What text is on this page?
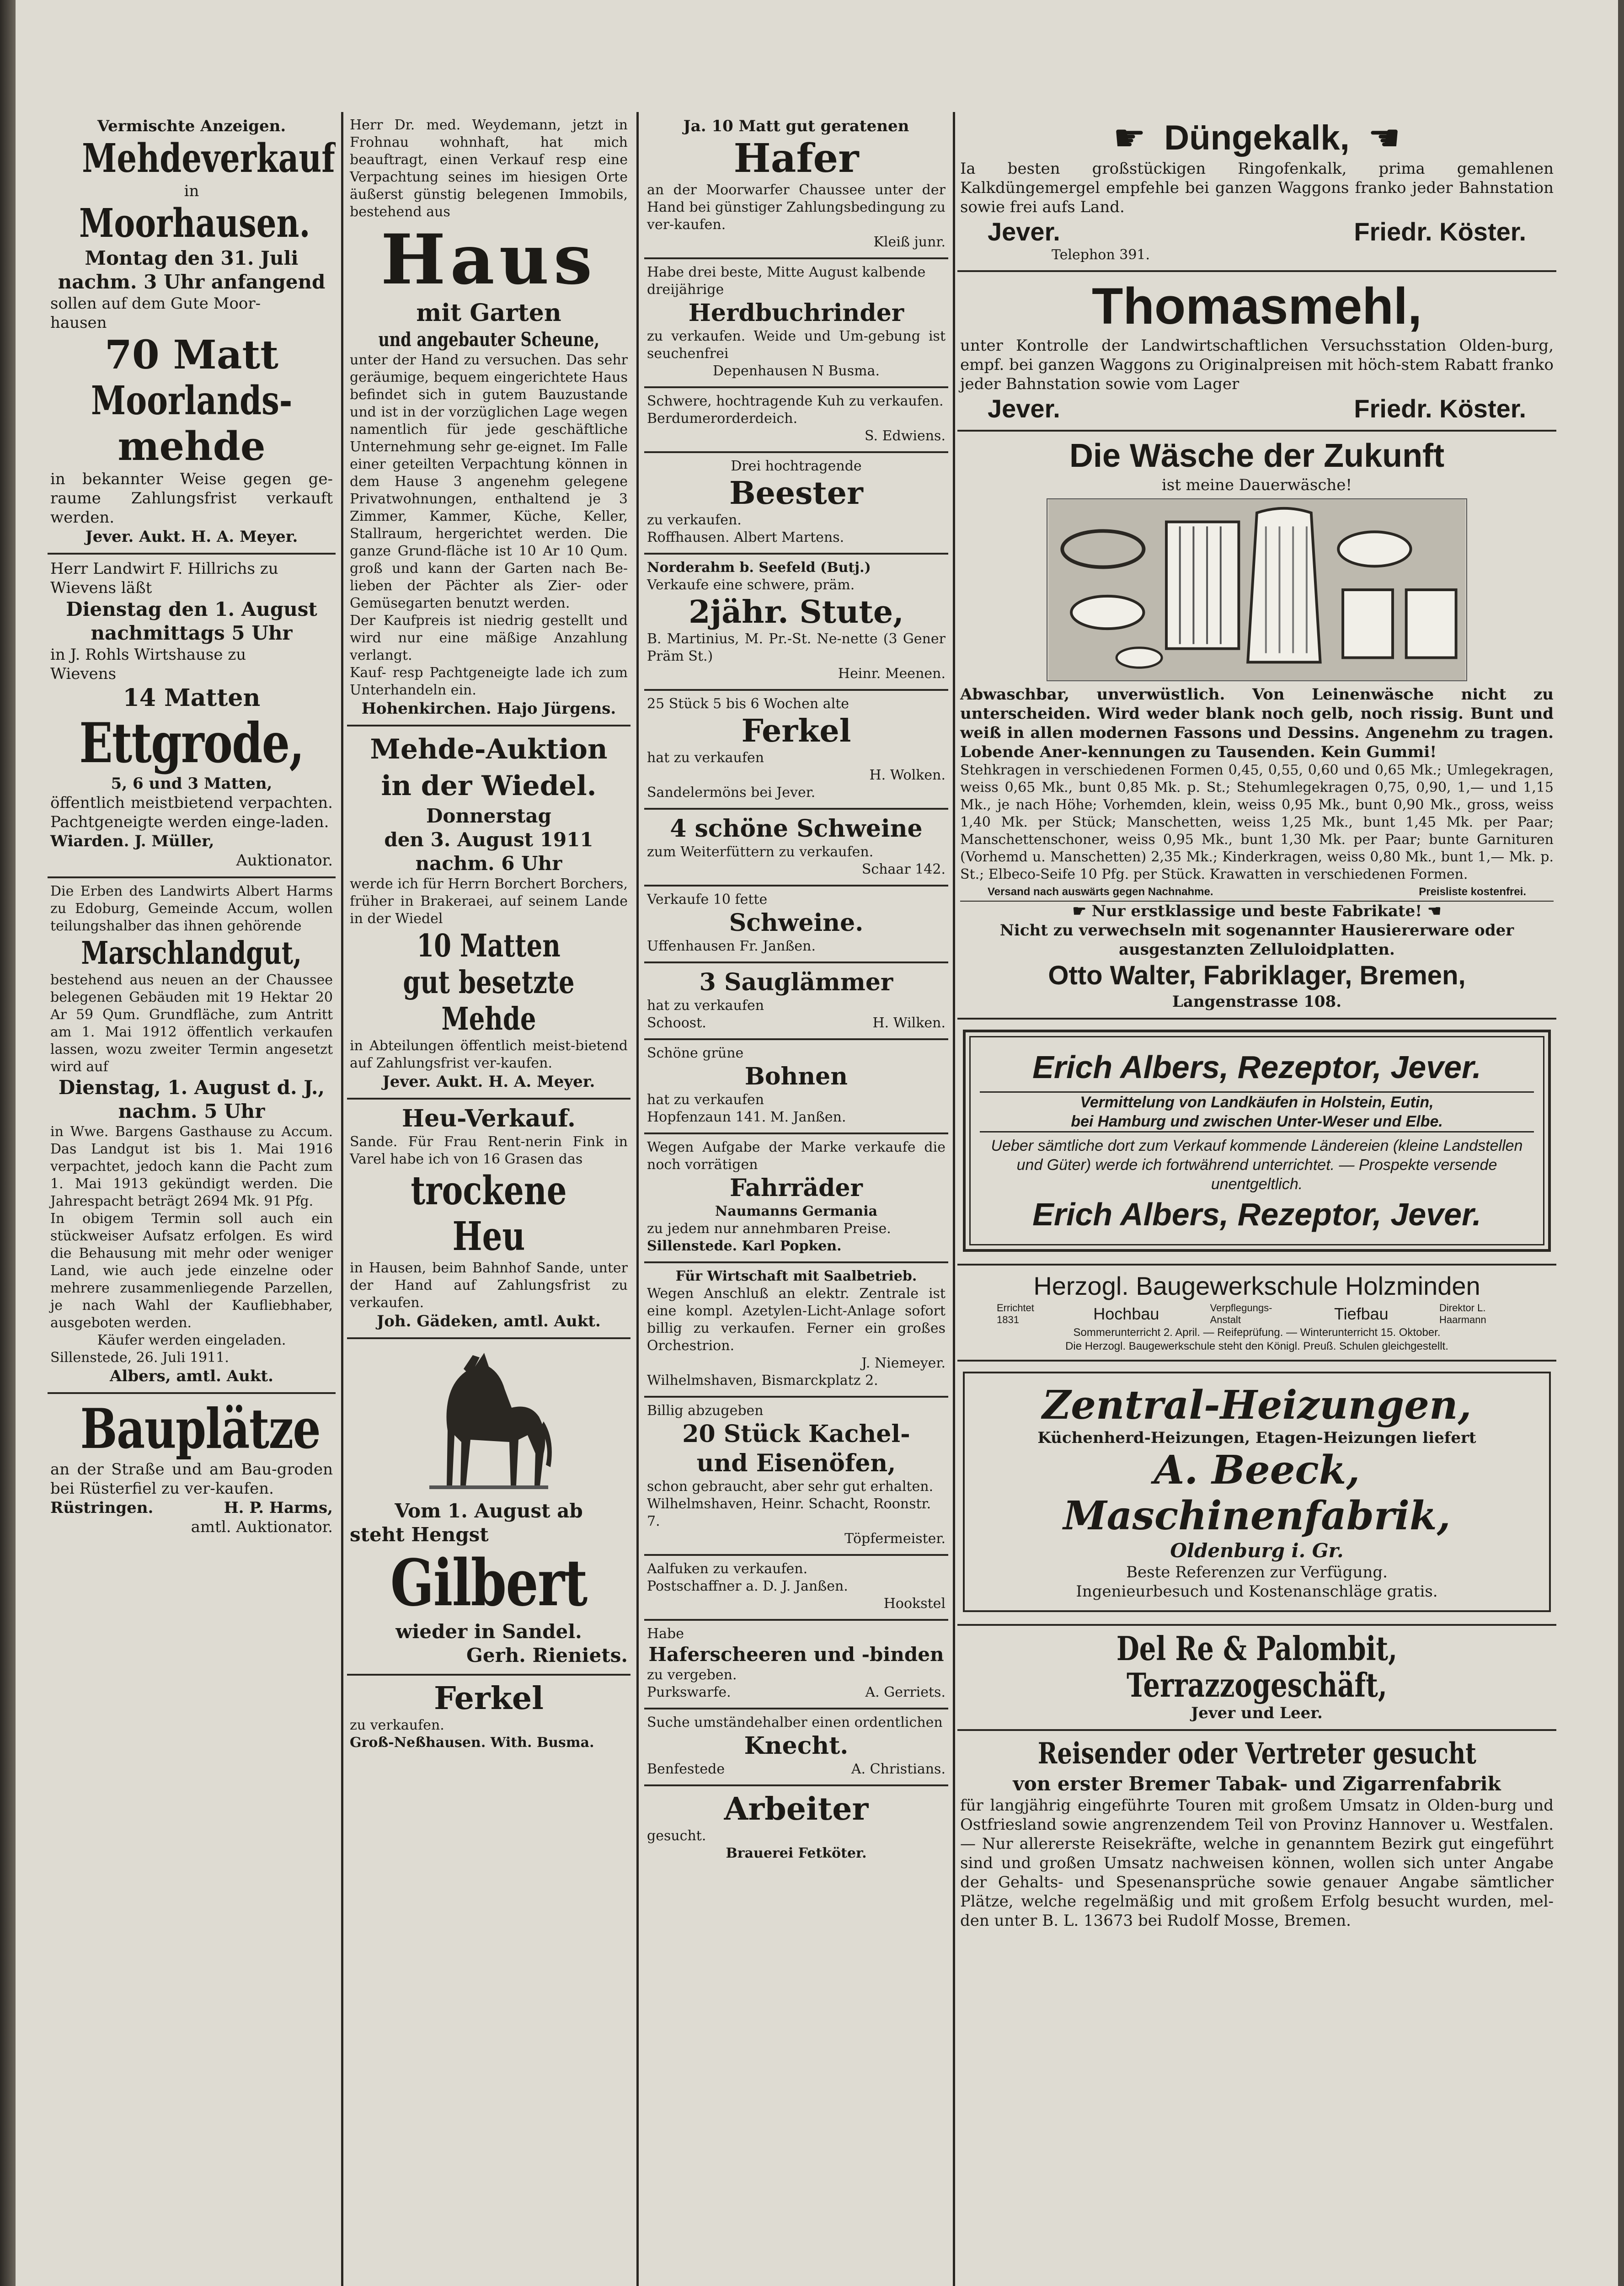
Vermischte Anzeigen.
Mehdeverkauf
in
Moorhausen.
Montag den 31. Juli
nachm. 3 Uhr anfangend
sollen auf dem Gute Moor-
hausen
70 Matt
Moorlands-
mehde
in bekannter Weise gegen ge-raume Zahlungsfrist verkauft werden.
Jever. Aukt. H. A. Meyer.
Herr Landwirt F. Hillrichs zu
Wievens läßt
Dienstag den 1. August
nachmittags 5 Uhr
in J. Rohls Wirtshause zu
Wievens
14 Matten
Ettgrode,
5, 6 und 3 Matten,
öffentlich meistbietend verpachten. Pachtgeneigte werden einge-laden.
Wiarden. J. Müller,
Auktionator.
Die Erben des Landwirts Albert Harms zu Edoburg, Gemeinde Accum, wollen teilungshalber das ihnen gehörende
Marschlandgut,
bestehend aus neuen an der Chaussee belegenen Gebäuden mit 19 Hektar 20 Ar 59 Qum. Grundfläche, zum Antritt am 1. Mai 1912 öffentlich verkaufen lassen, wozu zweiter Termin angesetzt wird auf
Dienstag, 1. August d. J.,
nachm. 5 Uhr
in Wwe. Bargens Gasthause zu Accum. Das Landgut ist bis 1. Mai 1916 verpachtet, jedoch kann die Pacht zum 1. Mai 1913 gekündigt werden. Die Jahrespacht beträgt 2694 Mk. 91 Pfg.
In obigem Termin soll auch ein stückweiser Aufsatz erfolgen. Es wird die Behausung mit mehr oder weniger Land, wie auch jede einzelne oder mehrere zusammenliegende Parzellen, je nach Wahl der Kaufliebhaber, ausgeboten werden.
Käufer werden eingeladen.
Sillenstede, 26. Juli 1911.
Albers, amtl. Aukt.
Bauplätze
an der Straße und am Bau-groden bei Rüsterfiel zu ver-kaufen.
Rüstringen.	H. P. Harms,
amtl. Auktionator.
Herr Dr. med. Weydemann, jetzt in Frohnau wohnhaft, hat mich beauftragt, einen Verkauf resp eine Verpachtung seines im hiesigen Orte äußerst günstig belegenen Immobils, bestehend aus
Haus
mit Garten
und angebauter Scheune,
unter der Hand zu versuchen. Das sehr geräumige, bequem eingerichtete Haus befindet sich in gutem Bauzustande und ist in der vorzüglichen Lage wegen namentlich für jede geschäftliche Unternehmung sehr ge-eignet. Im Falle einer geteilten Verpachtung können in dem Hause 3 angenehm gelegene Privatwohnungen, enthaltend je 3 Zimmer, Kammer, Küche, Keller, Stallraum, hergerichtet werden. Die ganze Grund-fläche ist 10 Ar 10 Qum. groß und kann der Garten nach Be-lieben der Pächter als Zier- oder Gemüsegarten benutzt werden.
Der Kaufpreis ist niedrig gestellt und wird nur eine mäßige Anzahlung verlangt.
Kauf- resp Pachtgeneigte lade ich zum Unterhandeln ein.
Hohenkirchen. Hajo Jürgens.
Mehde-Auktion
in der Wiedel.
Donnerstag
den 3. August 1911
nachm. 6 Uhr
werde ich für Herrn Borchert Borchers, früher in Brakeraei, auf seinem Lande in der Wiedel
10 Matten
gut besetzte Mehde
in Abteilungen öffentlich meist-bietend auf Zahlungsfrist ver-kaufen.
Jever. Aukt. H. A. Meyer.
Heu-Verkauf.
Sande. Für Frau Rent-nerin Fink in Varel habe ich von 16 Grasen das
trockene Heu
in Hausen, beim Bahnhof Sande, unter der Hand auf Zahlungsfrist zu verkaufen.
Joh. Gädeken, amtl. Aukt.
Vom 1. August ab
steht Hengst
Gilbert
wieder in Sandel.
Gerh. Rieniets.
Ferkel
zu verkaufen.
Groß-Neßhausen. With. Busma.
Ja. 10 Matt gut geratenen
Hafer
an der Moorwarfer Chaussee unter der Hand bei günstiger Zahlungsbedingung zu ver-kaufen.
Kleiß junr.
Habe drei beste, Mitte August kalbende dreijährige
Herdbuchrinder
zu verkaufen. Weide und Um-gebung ist seuchenfrei
Depenhausen N Busma.
Schwere, hochtragende Kuh zu verkaufen.
Berdumerorderdeich.
S. Edwiens.
Drei hochtragende
Beester
zu verkaufen.
Roffhausen. Albert Martens.
Norderahm b. Seefeld (Butj.)
Verkaufe eine schwere, präm.
2jähr. Stute,
B. Martinius, M. Pr.-St. Ne-nette (3 Gener Präm St.)
Heinr. Meenen.
25 Stück 5 bis 6 Wochen alte
Ferkel
hat zu verkaufen
H. Wolken.
Sandelermöns bei Jever.
4 schöne Schweine
zum Weiterfüttern zu verkaufen.
Schaar 142.
Verkaufe 10 fette
Schweine.
Uffenhausen Fr. Janßen.
3 Sauglämmer
hat zu verkaufen
Schoost.	H. Wilken.
Schöne grüne
Bohnen
hat zu verkaufen
Hopfenzaun 141. M. Janßen.
Wegen Aufgabe der Marke verkaufe die noch vorrätigen
Fahrräder
Naumanns Germania
zu jedem nur annehmbaren Preise.
Sillenstede. Karl Popken.
Für Wirtschaft mit Saalbetrieb.
Wegen Anschluß an elektr. Zentrale ist eine kompl. Azetylen-Licht-Anlage sofort billig zu verkaufen. Ferner ein großes Orchestrion.
J. Niemeyer.
Wilhelmshaven, Bismarckplatz 2.
Billig abzugeben
20 Stück Kachel-
und Eisenöfen,
schon gebraucht, aber sehr gut erhalten.
Wilhelmshaven, Heinr. Schacht, Roonstr. 7.
Töpfermeister.
Aalfuken zu verkaufen.
Postschaffner a. D. J. Janßen.
Hookstel
Habe
Haferscheeren und -binden
zu vergeben.
Purkswarfe.	A. Gerriets.
Suche umständehalber einen ordentlichen
Knecht.
Benfestede	A. Christians.
Arbeiter
gesucht.
Brauerei Fetköter.
☛ Düngekalk, ☚
Ia besten großstückigen Ringofenkalk, prima gemahlenen Kalkdüngemergel empfehle bei ganzen Waggons franko jeder Bahnstation sowie frei aufs Land.
Jever.	Friedr. Köster.
Telephon 391.
Thomasmehl,
unter Kontrolle der Landwirtschaftlichen Versuchsstation Olden-burg, empf. bei ganzen Waggons zu Originalpreisen mit höch-stem Rabatt franko jeder Bahnstation sowie vom Lager
Jever.	Friedr. Köster.
Die Wäsche der Zukunft
ist meine Dauerwäsche!
Abwaschbar, unverwüstlich. Von Leinenwäsche nicht zu unterscheiden. Wird weder blank noch gelb, noch rissig. Bunt und weiß in allen modernen Fassons und Dessins. Angenehm zu tragen. Lobende Aner-kennungen zu Tausenden. Kein Gummi!
Stehkragen in verschiedenen Formen 0,45, 0,55, 0,60 und 0,65 Mk.; Umlegekragen, weiss 0,65 Mk., bunt 0,85 Mk. p. St.; Stehumlegekragen 0,75, 0,90, 1,— und 1,15 Mk., je nach Höhe; Vorhemden, klein, weiss 0,95 Mk., bunt 0,90 Mk., gross, weiss 1,40 Mk. per Stück; Manschetten, weiss 1,25 Mk., bunt 1,45 Mk. per Paar; Manschettenschoner, weiss 0,95 Mk., bunt 1,30 Mk. per Paar; bunte Garnituren (Vorhemd u. Manschetten) 2,35 Mk.; Kinderkragen, weiss 0,80 Mk., bunt 1,— Mk. p. St.; Elbeco-Seife 10 Pfg. per Stück. Krawatten in verschiedenen Formen.
Versand nach auswärts gegen Nachnahme.	Preisliste kostenfrei.
☛ Nur erstklassige und beste Fabrikate! ☚
Nicht zu verwechseln mit sogenannter Hausiererware oder ausgestanzten Zelluloidplatten.
Otto Walter, Fabriklager, Bremen,
Langenstrasse 108.
Erich Albers, Rezeptor, Jever.
Vermittelung von Landkäufen in Holstein, Eutin,
bei Hamburg und zwischen Unter-Weser und Elbe.
Ueber sämtliche dort zum Verkauf kommende Ländereien (kleine Landstellen und Güter) werde ich fortwährend unterrichtet. — Prospekte versende unentgeltlich.
Erich Albers, Rezeptor, Jever.
Herzogl. Baugewerkschule Holzminden
Errichtet 1831	Hochbau	Verpflegungs-Anstalt	Tiefbau	Direktor L. Haarmann
Sommerunterricht 2. April. — Reifeprüfung. — Winterunterricht 15. Oktober.
Die Herzogl. Baugewerkschule steht den Königl. Preuß. Schulen gleichgestellt.
Zentral-Heizungen,
Küchenherd-Heizungen, Etagen-Heizungen liefert
A. Beeck, Maschinenfabrik,
Oldenburg i. Gr.
Beste Referenzen zur Verfügung.
Ingenieurbesuch und Kostenanschläge gratis.
Del Re & Palombit, Terrazzogeschäft,
Jever und Leer.
Reisender oder Vertreter gesucht
von erster Bremer Tabak- und Zigarrenfabrik
für langjährig eingeführte Touren mit großem Umsatz in Olden-burg und Ostfriesland sowie angrenzendem Teil von Provinz Hannover u. Westfalen. — Nur allererste Reisekräfte, welche in genanntem Bezirk gut eingeführt sind und großen Umsatz nachweisen können, wollen sich unter Angabe der Gehalts- und Spesenansprüche sowie genauer Angabe sämtlicher Plätze, welche regelmäßig und mit großem Erfolg besucht wurden, mel-den unter B. L. 13673 bei Rudolf Mosse, Bremen.
